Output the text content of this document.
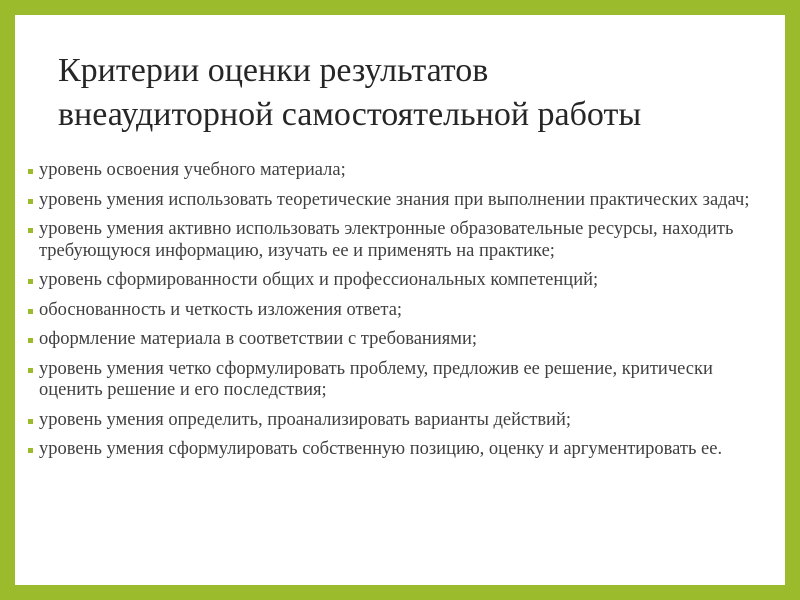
Критерии оценки результатов
внеаудиторной самостоятельной работы
уровень освоения учебного материала;
уровень умения использовать теоретические знания при выполнении практических задач;
уровень умения активно использовать электронные образовательные ресурсы, находить требующуюся информацию, изучать ее и применять на практике;
уровень сформированности общих и профессиональных компетенций;
обоснованность и четкость изложения ответа;
оформление материала в соответствии с требованиями;
уровень умения четко сформулировать проблему, предложив ее решение, критически оценить решение и его последствия;
уровень умения определить, проанализировать варианты действий;
уровень умения сформулировать собственную позицию, оценку и аргументировать ее.
